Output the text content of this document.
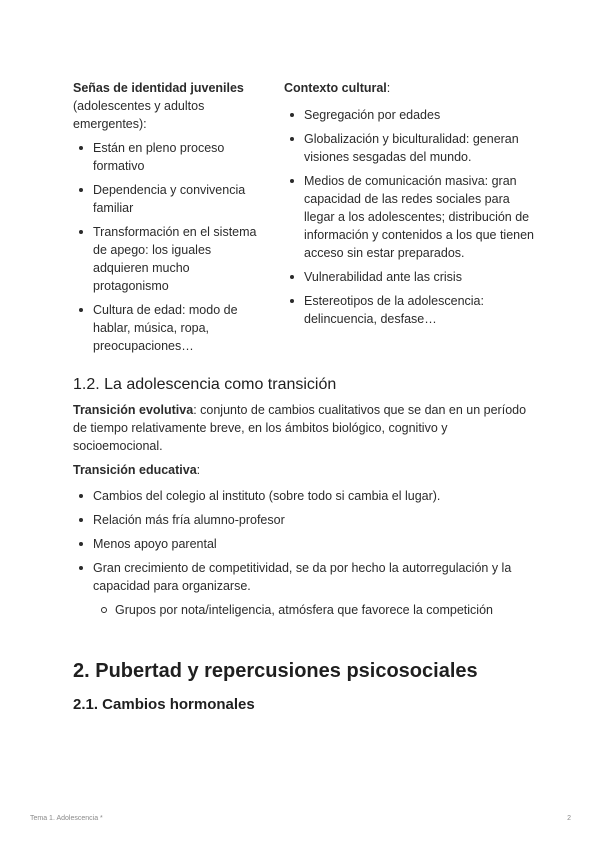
Señas de identidad juveniles

(adolescentes y adultos emergentes):

Están en pleno proceso formativo
Dependencia y convivencia familiar
Transformación en el sistema de apego: los iguales adquieren mucho protagonismo
Cultura de edad: modo de hablar, música, ropa, preocupaciones…

Contexto cultural:

Segregación por edades
Globalización y biculturalidad: generan visiones sesgadas del mundo.
Medios de comunicación masiva: gran capacidad de las redes sociales para llegar a los adolescentes; distribución de información y contenidos a los que tienen acceso sin estar preparados.
Vulnerabilidad ante las crisis
Estereotipos de la adolescencia: delincuencia, desfase…
1.2. La adolescencia como transición

Transición evolutiva: conjunto de cambios cualitativos que se dan en un período de tiempo relativamente breve, en los ámbitos biológico, cognitivo y socioemocional.

Transición educativa:

Cambios del colegio al instituto (sobre todo si cambia el lugar).
Relación más fría alumno-profesor
Menos apoyo parental
Gran crecimiento de competitividad, se da por hecho la autorregulación y la capacidad para organizarse.
Grupos por nota/inteligencia, atmósfera que favorece la competición
2. Pubertad y repercusiones psicosociales
2.1. Cambios hormonales
Tema 1. Adolescencia *	2
